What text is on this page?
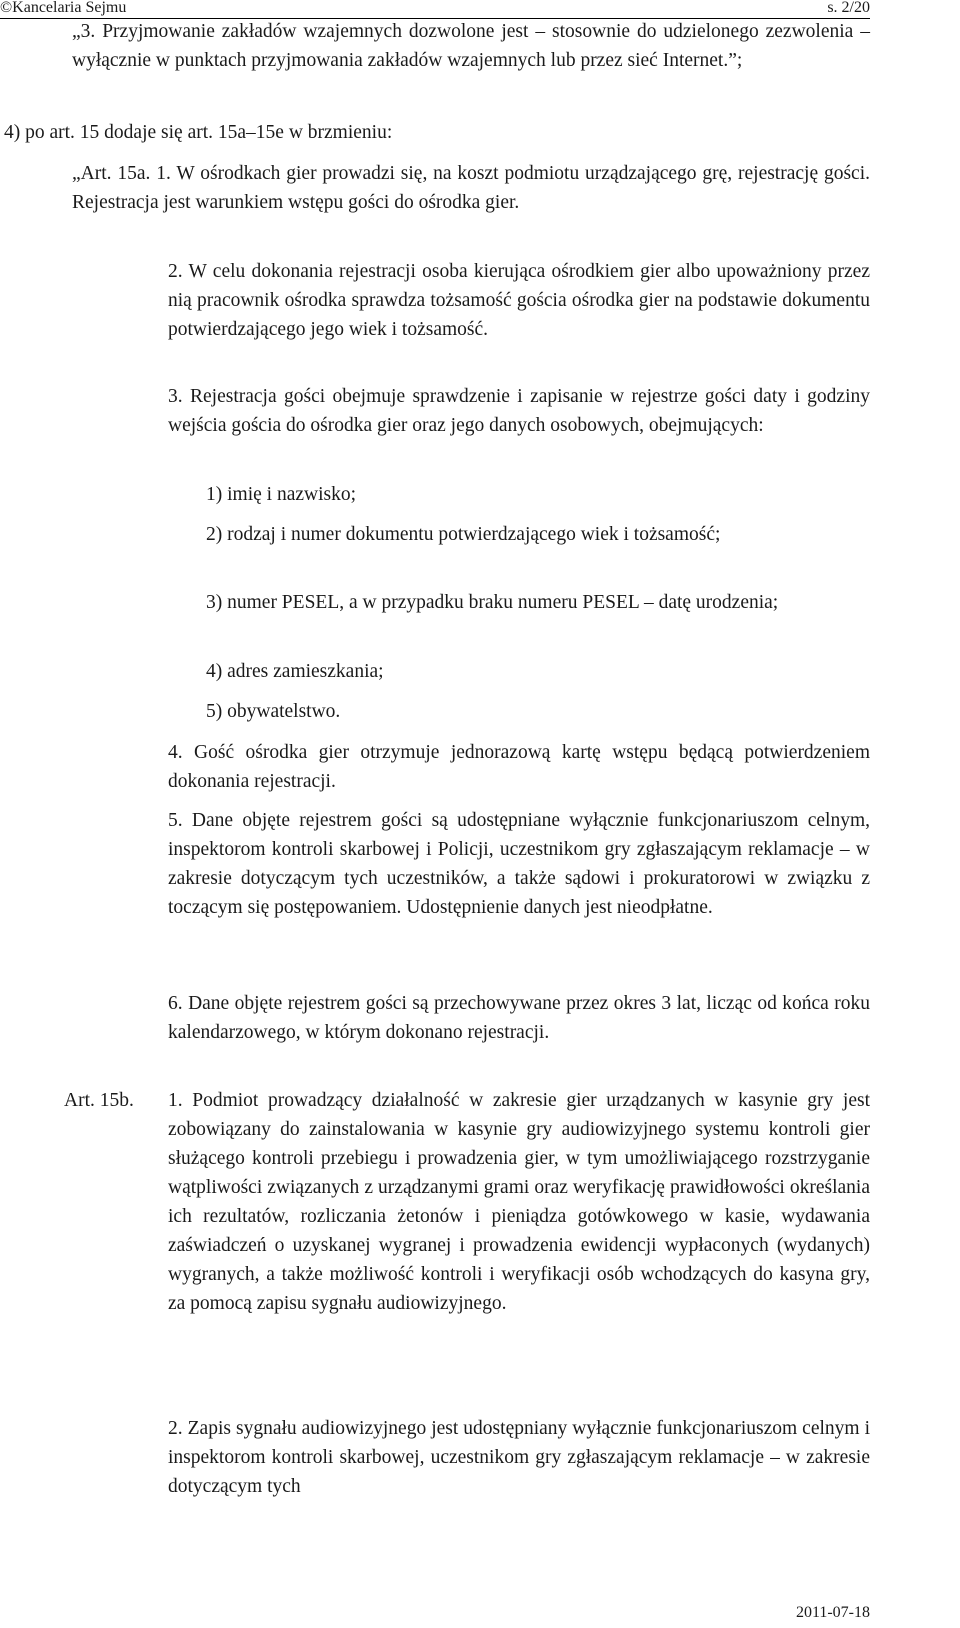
©Kancelaria Sejmu	s. 2/20

„3. Przyjmowanie zakładów wzajemnych dozwolone jest – stosownie do udzielonego zezwolenia – wyłącznie w punktach przyjmowania zakładów wzajemnych lub przez sieć Internet.”;

4) po art. 15 dodaje się art. 15a–15e w brzmieniu:

„Art. 15a. 1. W ośrodkach gier prowadzi się, na koszt podmiotu urządzającego grę, rejestrację gości. Rejestracja jest warunkiem wstępu gości do ośrodka gier.

2. W celu dokonania rejestracji osoba kierująca ośrodkiem gier albo upoważniony przez nią pracownik ośrodka sprawdza tożsamość gościa ośrodka gier na podstawie dokumentu potwierdzającego jego wiek i tożsamość.

3. Rejestracja gości obejmuje sprawdzenie i zapisanie w rejestrze gości daty i godziny wejścia gościa do ośrodka gier oraz jego danych osobowych, obejmujących:

1) imię i nazwisko;

2) rodzaj i numer dokumentu potwierdzającego wiek i tożsamość;

3) numer PESEL, a w przypadku braku numeru PESEL – datę urodzenia;

4) adres zamieszkania;

5) obywatelstwo.

4. Gość ośrodka gier otrzymuje jednorazową kartę wstępu będącą potwierdzeniem dokonania rejestracji.

5. Dane objęte rejestrem gości są udostępniane wyłącznie funkcjonariuszom celnym, inspektorom kontroli skarbowej i Policji, uczestnikom gry zgłaszającym reklamacje – w zakresie dotyczącym tych uczestników, a także sądowi i prokuratorowi w związku z toczącym się postępowaniem. Udostępnienie danych jest nieodpłatne.

6. Dane objęte rejestrem gości są przechowywane przez okres 3 lat, licząc od końca roku kalendarzowego, w którym dokonano rejestracji.

Art. 15b. 1. Podmiot prowadzący działalność w zakresie gier urządzanych w kasynie gry jest zobowiązany do zainstalowania w kasynie gry audiowizyjnego systemu kontroli gier służącego kontroli przebiegu i prowadzenia gier, w tym umożliwiającego rozstrzyganie wątpliwości związanych z urządzanymi grami oraz weryfikację prawidłowości określania ich rezultatów, rozliczania żetonów i pieniądza gotówkowego w kasie, wydawania zaświadczeń o uzyskanej wygranej i prowadzenia ewidencji wypłaconych (wydanych) wygranych, a także możliwość kontroli i weryfikacji osób wchodzących do kasyna gry, za pomocą zapisu sygnału audiowizyjnego.

2. Zapis sygnału audiowizyjnego jest udostępniany wyłącznie funkcjonariuszom celnym i inspektorom kontroli skarbowej, uczestnikom gry zgłaszającym reklamacje – w zakresie dotyczącym tych

2011-07-18
